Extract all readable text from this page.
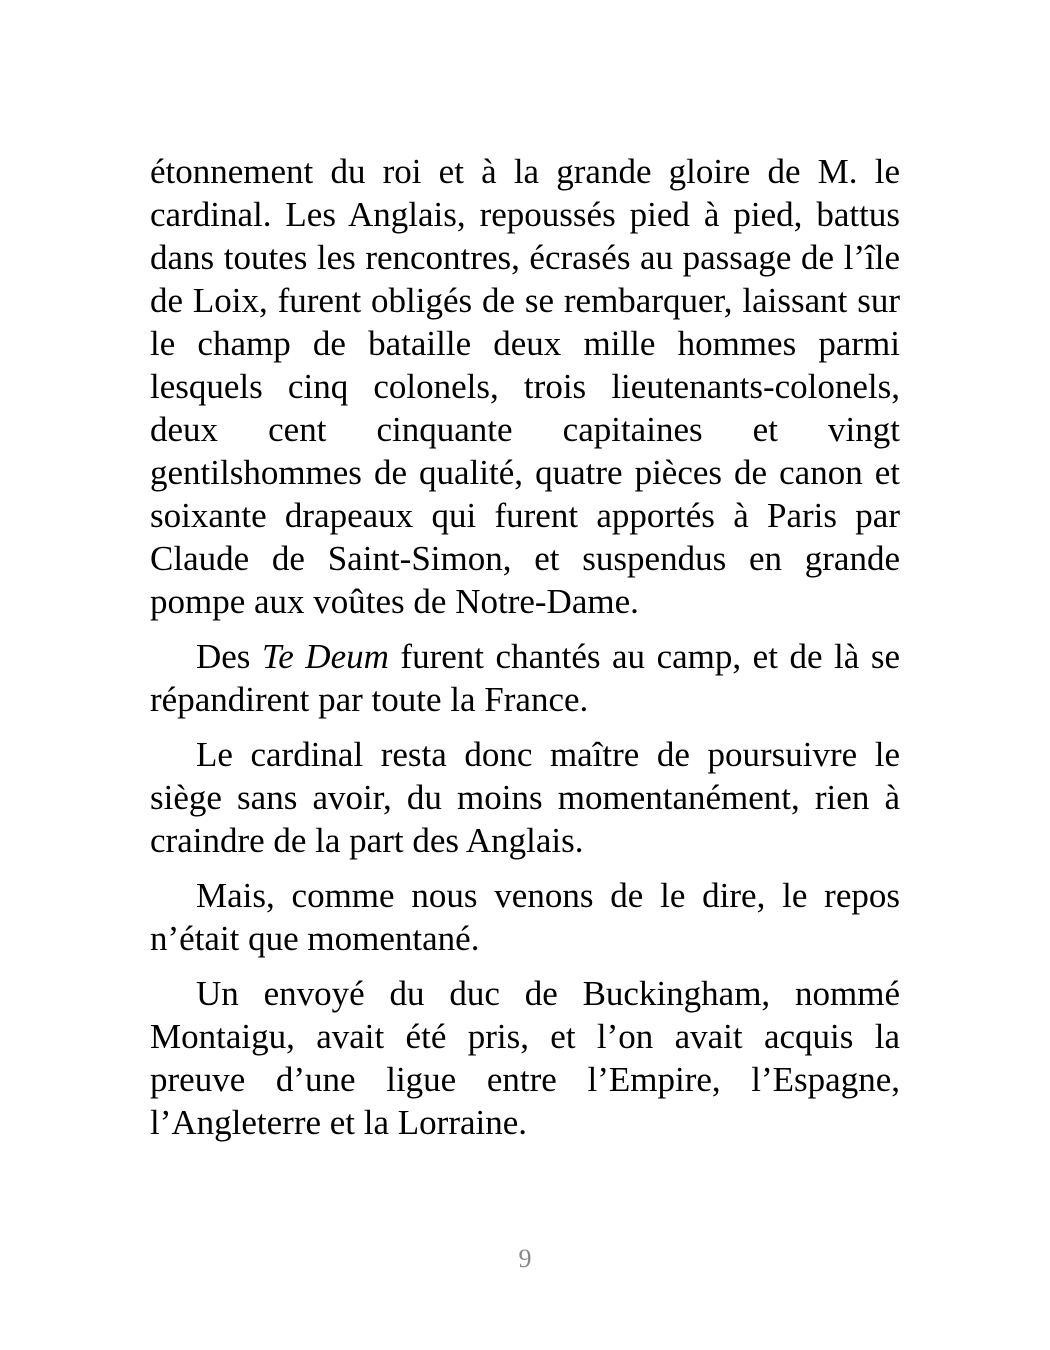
étonnement du roi et à la grande gloire de M. le cardinal. Les Anglais, repoussés pied à pied, battus dans toutes les rencontres, écrasés au passage de l’île de Loix, furent obligés de se rembarquer, laissant sur le champ de bataille deux mille hommes parmi lesquels cinq colonels, trois lieutenants-colonels, deux cent cinquante capitaines et vingt gentilshommes de qualité, quatre pièces de canon et soixante drapeaux qui furent apportés à Paris par Claude de Saint-Simon, et suspendus en grande pompe aux voûtes de Notre-Dame.

Des Te Deum furent chantés au camp, et de là se répandirent par toute la France.

Le cardinal resta donc maître de poursuivre le siège sans avoir, du moins momentanément, rien à craindre de la part des Anglais.

Mais, comme nous venons de le dire, le repos n’était que momentané.

Un envoyé du duc de Buckingham, nommé Montaigu, avait été pris, et l’on avait acquis la preuve d’une ligue entre l’Empire, l’Espagne, l’Angleterre et la Lorraine.

9
